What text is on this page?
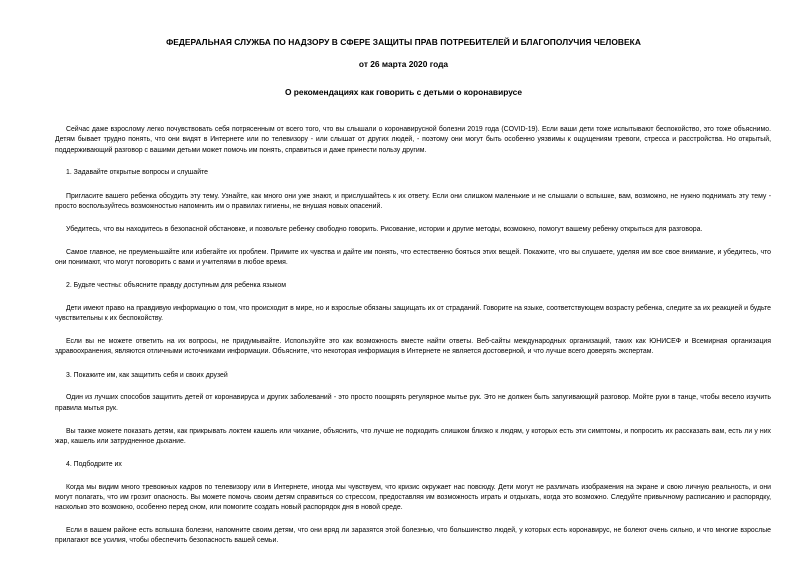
ФЕДЕРАЛЬНАЯ СЛУЖБА ПО НАДЗОРУ В СФЕРЕ ЗАЩИТЫ ПРАВ ПОТРЕБИТЕЛЕЙ И БЛАГОПОЛУЧИЯ ЧЕЛОВЕКА
от 26 марта 2020 года
О рекомендациях как говорить с детьми о коронавирусе

Сейчас даже взрослому легко почувствовать себя потрясенным от всего того, что вы слышали о коронавирусной болезни 2019 года (COVID-19). Если ваши дети тоже испытывают беспокойство, это тоже объяснимо. Детям бывает трудно понять, что они видят в Интернете или по телевизору - или слышат от других людей, - поэтому они могут быть особенно уязвимы к ощущениям тревоги, стресса и расстройства. Но открытый, поддерживающий разговор с вашими детьми может помочь им понять, справиться и даже принести пользу другим.

1. Задавайте открытые вопросы и слушайте

Пригласите вашего ребенка обсудить эту тему. Узнайте, как много они уже знают, и прислушайтесь к их ответу. Если они слишком маленькие и не слышали о вспышке, вам, возможно, не нужно поднимать эту тему - просто воспользуйтесь возможностью напомнить им о правилах гигиены, не внушая новых опасений.

Убедитесь, что вы находитесь в безопасной обстановке, и позвольте ребенку свободно говорить. Рисование, истории и другие методы, возможно, помогут вашему ребенку открыться для разговора.

Самое главное, не преуменьшайте или избегайте их проблем. Примите их чувства и дайте им понять, что естественно бояться этих вещей. Покажите, что вы слушаете, уделяя им все свое внимание, и убедитесь, что они понимают, что могут поговорить с вами и учителями в любое время.

2. Будьте честны: объясните правду доступным для ребенка языком

Дети имеют право на правдивую информацию о том, что происходит в мире, но и взрослые обязаны защищать их от страданий. Говорите на языке, соответствующем возрасту ребенка, следите за их реакцией и будьте чувствительны к их беспокойству.

Если вы не можете ответить на их вопросы, не придумывайте. Используйте это как возможность вместе найти ответы. Веб-сайты международных организаций, таких как ЮНИСЕФ и Всемирная организация здравоохранения, являются отличными источниками информации. Объясните, что некоторая информация в Интернете не является достоверной, и что лучше всего доверять экспертам.

3. Покажите им, как защитить себя и своих друзей

Один из лучших способов защитить детей от коронавируса и других заболеваний - это просто поощрять регулярное мытье рук. Это не должен быть запугивающий разговор. Мойте руки в танце, чтобы весело изучить правила мытья рук.

Вы также можете показать детям, как прикрывать локтем кашель или чихание, объяснить, что лучше не подходить слишком близко к людям, у которых есть эти симптомы, и попросить их рассказать вам, есть ли у них жар, кашель или затрудненное дыхание.

4. Подбодрите их

Когда мы видим много тревожных кадров по телевизору или в Интернете, иногда мы чувствуем, что кризис окружает нас повсюду. Дети могут не различать изображения на экране и свою личную реальность, и они могут полагать, что им грозит опасность. Вы можете помочь своим детям справиться со стрессом, предоставляя им возможность играть и отдыхать, когда это возможно. Следуйте привычному расписанию и распорядку, насколько это возможно, особенно перед сном, или помогите создать новый распорядок дня в новой среде.

Если в вашем районе есть вспышка болезни, напомните своим детям, что они вряд ли заразятся этой болезнью, что большинство людей, у которых есть коронавирус, не болеют очень сильно, и что многие взрослые прилагают все усилия, чтобы обеспечить безопасность вашей семьи.
